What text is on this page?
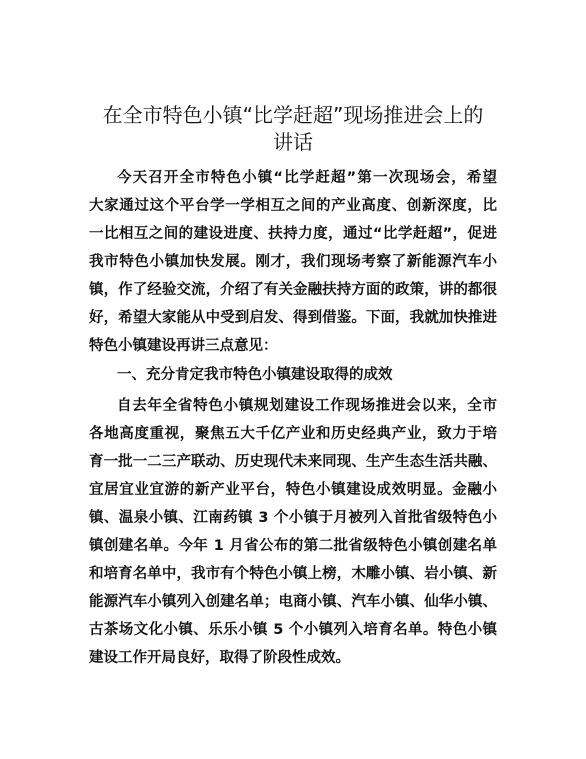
在全市特色小镇“比学赶超”现场推进会上的
讲话
今天召开全市特色小镇“比学赶超”第一次现场会，希望
大家通过这个平台学一学相互之间的产业高度、创新深度，比
一比相互之间的建设进度、扶持力度，通过“比学赶超”，促进
我市特色小镇加快发展。刚才，我们现场考察了新能源汽车小
镇，作了经验交流，介绍了有关金融扶持方面的政策，讲的都很
好，希望大家能从中受到启发、得到借鉴。下面，我就加快推进
特色小镇建设再讲三点意见：
一、充分肯定我市特色小镇建设取得的成效
自去年全省特色小镇规划建设工作现场推进会以来，全市
各地高度重视，聚焦五大千亿产业和历史经典产业，致力于培
育一批一二三产联动、历史现代未来同现、生产生态生活共融、
宜居宜业宜游的新产业平台，特色小镇建设成效明显。金融小
镇、温泉小镇、江南药镇 3 个小镇于月被列入首批省级特色小
镇创建名单。今年 1 月省公布的第二批省级特色小镇创建名单
和培育名单中，我市有个特色小镇上榜，木雕小镇、岩小镇、新
能源汽车小镇列入创建名单；电商小镇、汽车小镇、仙华小镇、
古茶场文化小镇、乐乐小镇 5 个小镇列入培育名单。特色小镇
建设工作开局良好，取得了阶段性成效。
